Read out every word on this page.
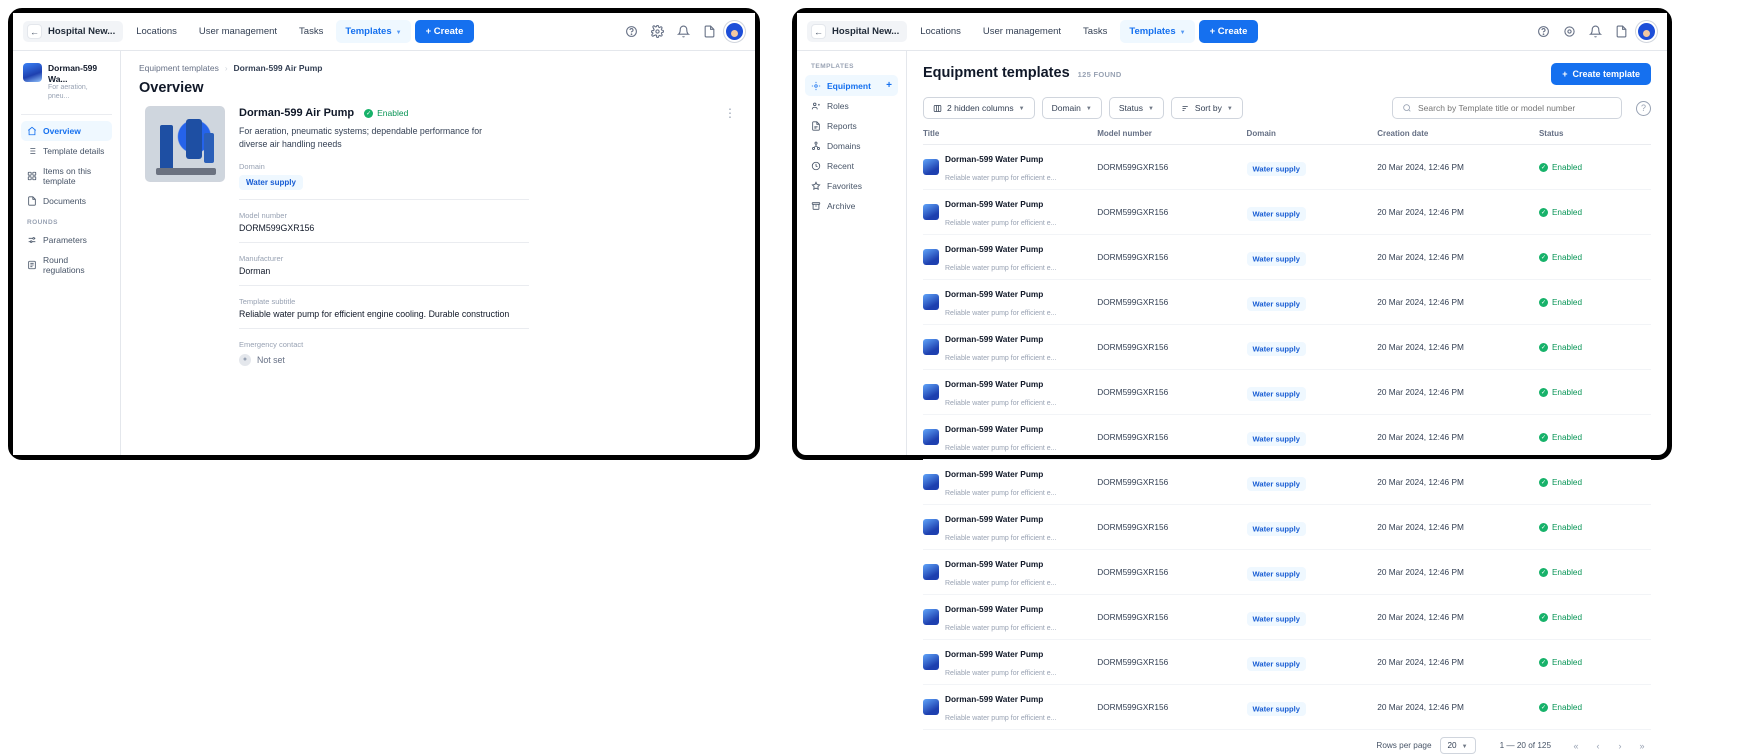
← Hospital New... Locations User management Tasks Templates ▼	+ Create
Dorman-599 Wa...
For aeration, pneu...
Overview
Template details
Items on this template
Documents
ROUNDS
Parameters
Round regulations
Equipment templates › Dorman-599 Air Pump
Overview
Dorman-599 Air Pump	✓ Enabled	⋮
For aeration, pneumatic systems; dependable performance for diverse air handling needs
Domain
Water supply
Model number
DORM599GXR156
Manufacturer
Dorman
Template subtitle
Reliable water pump for efficient engine cooling. Durable construction
Emergency contact
●	Not set
← Hospital New... Locations User management Tasks Templates ▼	+ Create
TEMPLATES
Equipment +
Roles
Reports
Domains
Recent
Favorites
Archive
Equipment templates 125 FOUND	+ Create template
2 hidden columns ▼	Domain ▼	Status ▼	Sort by ▼
Search by Template title or model number	?
Title	Model number	Domain	Creation date	Status

Dorman-599 Water Pump
Reliable water pump for efficient e...	DORM599GXR156	Water supply	20 Mar 2024, 12:46 PM	✓ Enabled

Dorman-599 Water Pump
Reliable water pump for efficient e...	DORM599GXR156	Water supply	20 Mar 2024, 12:46 PM	✓ Enabled

Dorman-599 Water Pump
Reliable water pump for efficient e...	DORM599GXR156	Water supply	20 Mar 2024, 12:46 PM	✓ Enabled

Dorman-599 Water Pump
Reliable water pump for efficient e...	DORM599GXR156	Water supply	20 Mar 2024, 12:46 PM	✓ Enabled

Dorman-599 Water Pump
Reliable water pump for efficient e...	DORM599GXR156	Water supply	20 Mar 2024, 12:46 PM	✓ Enabled

Dorman-599 Water Pump
Reliable water pump for efficient e...	DORM599GXR156	Water supply	20 Mar 2024, 12:46 PM	✓ Enabled

Dorman-599 Water Pump
Reliable water pump for efficient e...	DORM599GXR156	Water supply	20 Mar 2024, 12:46 PM	✓ Enabled

Dorman-599 Water Pump
Reliable water pump for efficient e...	DORM599GXR156	Water supply	20 Mar 2024, 12:46 PM	✓ Enabled

Dorman-599 Water Pump
Reliable water pump for efficient e...	DORM599GXR156	Water supply	20 Mar 2024, 12:46 PM	✓ Enabled

Dorman-599 Water Pump
Reliable water pump for efficient e...	DORM599GXR156	Water supply	20 Mar 2024, 12:46 PM	✓ Enabled

Dorman-599 Water Pump
Reliable water pump for efficient e...	DORM599GXR156	Water supply	20 Mar 2024, 12:46 PM	✓ Enabled

Dorman-599 Water Pump
Reliable water pump for efficient e...	DORM599GXR156	Water supply	20 Mar 2024, 12:46 PM	✓ Enabled

Dorman-599 Water Pump
Reliable water pump for efficient e...	DORM599GXR156	Water supply	20 Mar 2024, 12:46 PM	✓ Enabled
Rows per page 20 ▼	1 — 20 of 125	«	‹	›	»
